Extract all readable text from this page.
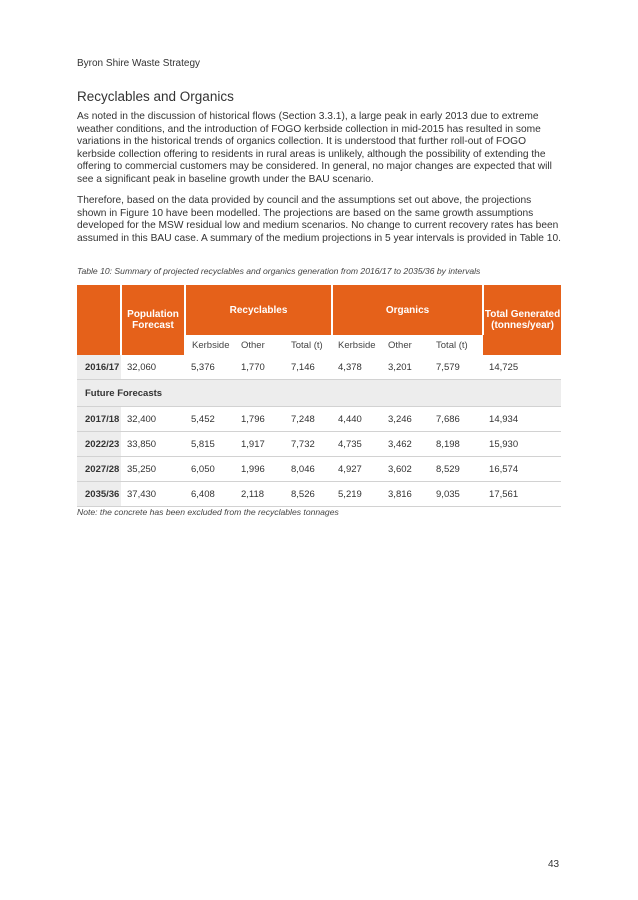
Byron Shire Waste Strategy
Recyclables and Organics

As noted in the discussion of historical flows (Section 3.3.1), a large peak in early 2013 due to extreme weather conditions, and the introduction of FOGO kerbside collection in mid-2015 has resulted in some variations in the historical trends of organics collection. It is understood that further roll-out of FOGO kerbside collection offering to residents in rural areas is unlikely, although the possibility of extending the offering to commercial customers may be considered. In general, no major changes are expected that will see a significant peak in baseline growth under the BAU scenario.

Therefore, based on the data provided by council and the assumptions set out above, the projections shown in Figure 10 have been modelled. The projections are based on the same growth assumptions developed for the MSW residual low and medium scenarios. No change to current recovery rates has been assumed in this BAU case. A summary of the medium projections in 5 year intervals is provided in Table 10.

Table 10: Summary of projected recyclables and organics generation from 2016/17 to 2035/36 by intervals
	Population Forecast	Recyclables			Organics			Total Generated (tonnes/year)
		Kerbside	Other	Total (t)	Kerbside	Other	Total (t)	
2016/17	32,060	5,376	1,770	7,146	4,378	3,201	7,579	14,725
Future Forecasts								
2017/18	32,400	5,452	1,796	7,248	4,440	3,246	7,686	14,934
2022/23	33,850	5,815	1,917	7,732	4,735	3,462	8,198	15,930
2027/28	35,250	6,050	1,996	8,046	4,927	3,602	8,529	16,574
2035/36	37,430	6,408	2,118	8,526	5,219	3,816	9,035	17,561
Note: the concrete has been excluded from the recyclables tonnages
43
